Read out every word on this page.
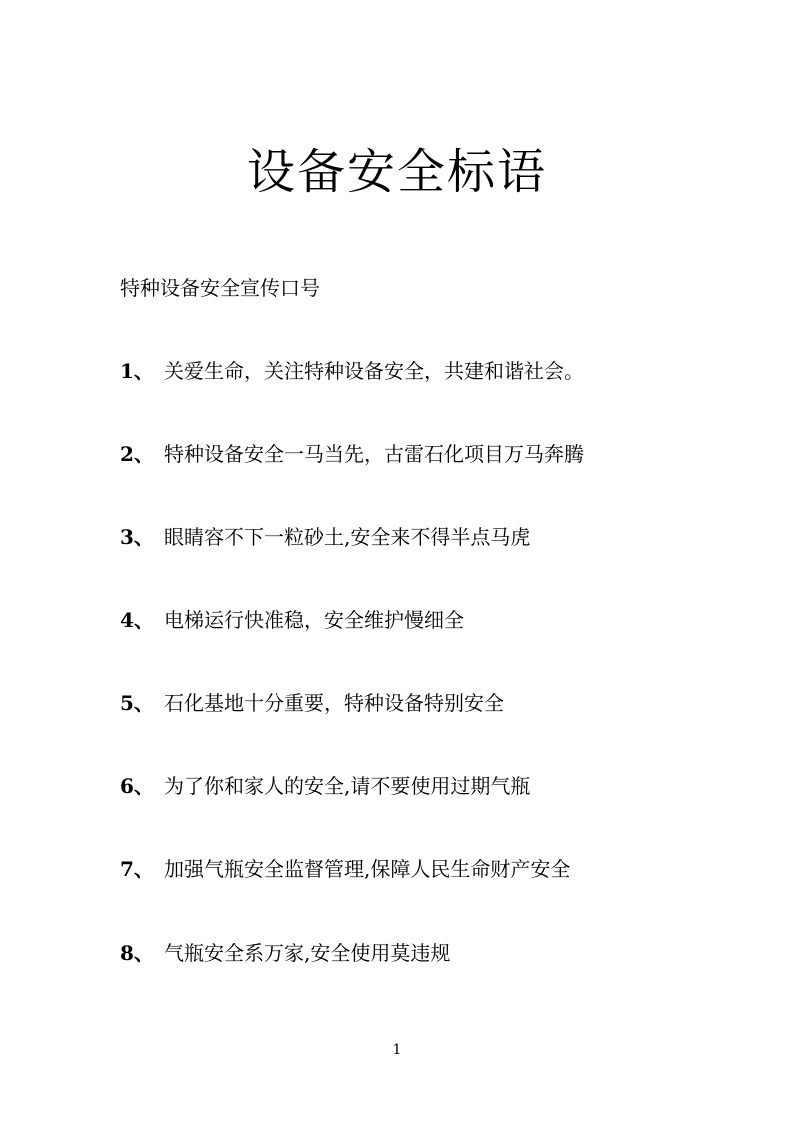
设备安全标语
特种设备安全宣传口号
1、 关爱生命，关注特种设备安全，共建和谐社会。
2、 特种设备安全一马当先，古雷石化项目万马奔腾
3、 眼睛容不下一粒砂土,安全来不得半点马虎
4、 电梯运行快准稳，安全维护慢细全
5、 石化基地十分重要，特种设备特别安全
6、 为了你和家人的安全,请不要使用过期气瓶
7、 加强气瓶安全监督管理,保障人民生命财产安全
8、 气瓶安全系万家,安全使用莫违规
1
